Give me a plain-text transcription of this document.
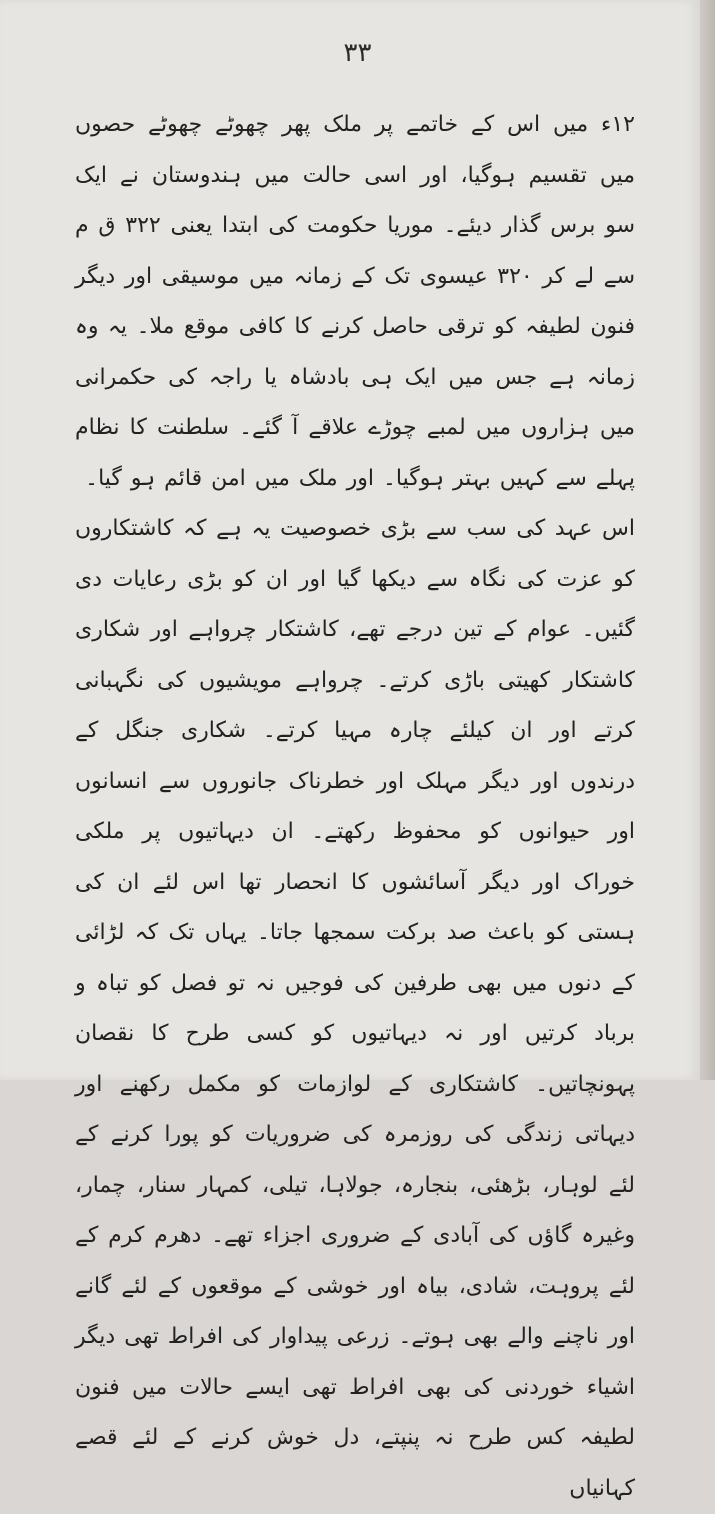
۳۳

۱۲ء میں اس کے خاتمے پر ملک پھر چھوٹے چھوٹے حصوں میں تقسیم ہوگیا، اور اسی حالت میں ہندوستان نے ایک سو برس گذار دیئے۔ موریا حکومت کی ابتدا یعنی ۳۲۲ ق م سے لے کر ۳۲۰ عیسوی تک کے زمانہ میں موسیقی اور دیگر فنون لطیفہ کو ترقی حاصل کرنے کا کافی موقع ملا۔ یہ وہ زمانہ ہے جس میں ایک ہی بادشاہ یا راجہ کی حکمرانی میں ہزاروں میں لمبے چوڑے علاقے آ گئے۔ سلطنت کا نظام پہلے سے کہیں بہتر ہوگیا۔ اور ملک میں امن قائم ہو گیا۔

اس عہد کی سب سے بڑی خصوصیت یہ ہے کہ کاشتکاروں کو عزت کی نگاہ سے دیکھا گیا اور ان کو بڑی رعایات دی گئیں۔ عوام کے تین درجے تھے، کاشتکار چرواہے اور شکاری کاشتکار کھیتی باڑی کرتے۔ چرواہے مویشیوں کی نگہبانی کرتے اور ان کیلئے چارہ مہیا کرتے۔ شکاری جنگل کے درندوں اور دیگر مہلک اور خطرناک جانوروں سے انسانوں اور حیوانوں کو محفوظ رکھتے۔ ان دیہاتیوں پر ملکی خوراک اور دیگر آسائشوں کا انحصار تھا اس لئے ان کی ہستی کو باعث صد برکت سمجھا جاتا۔ یہاں تک کہ لڑائی کے دنوں میں بھی طرفین کی فوجیں نہ تو فصل کو تباہ و برباد کرتیں اور نہ دیہاتیوں کو کسی طرح کا نقصان پہونچاتیں۔ کاشتکاری کے لوازمات کو مکمل رکھنے اور دیہاتی زندگی کی روزمرہ کی ضروریات کو پورا کرنے کے لئے لوہار، بڑھئی، بنجارہ، جولاہا، تیلی، کمہار سنار، چمار، وغیرہ گاؤں کی آبادی کے ضروری اجزاء تھے۔ دھرم کرم کے لئے پروہت، شادی، بیاہ اور خوشی کے موقعوں کے لئے گانے اور ناچنے والے بھی ہوتے۔ زرعی پیداوار کی افراط تھی دیگر اشیاء خوردنی کی بھی افراط تھی ایسے حالات میں فنون لطیفہ کس طرح نہ پنپتے، دل خوش کرنے کے لئے قصے کہانیاں
